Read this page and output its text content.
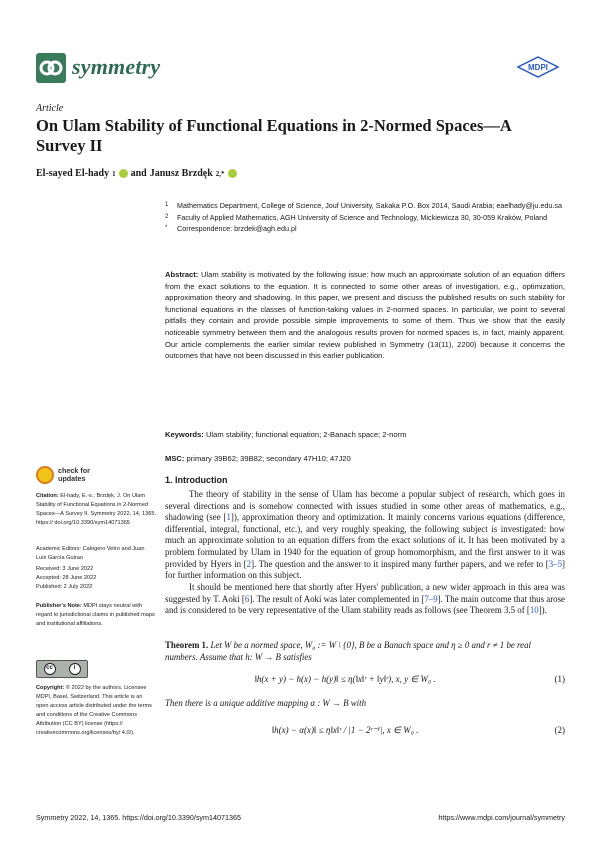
symmetry	MDPI
Article
On Ulam Stability of Functional Equations in 2-Normed Spaces—A Survey II
El-sayed El-hady 1 and Janusz Brzdęk 2,*
1 Mathematics Department, College of Science, Jouf University, Sakaka P.O. Box 2014, Saudi Arabia; eaelhady@ju.edu.sa
2 Faculty of Applied Mathematics, AGH University of Science and Technology, Mickiewicza 30, 30-059 Kraków, Poland
* Correspondence: brzdek@agh.edu.pl
Abstract: Ulam stability is motivated by the following issue: how much an approximate solution of an equation differs from the exact solutions to the equation. It is connected to some other areas of investigation, e.g., optimization, approximation theory and shadowing. In this paper, we present and discuss the published results on such stability for functional equations in the classes of function-taking values in 2-normed spaces. In particular, we point to several pitfalls they contain and provide possible simple improvements to some of them. Thus we show that the easily noticeable symmetry between them and the analogous results proven for normed spaces is, in fact, mainly apparent. Our article complements the earlier similar review published in Symmetry (13(11), 2200) because it concerns the outcomes that have not been discussed in this earlier publication.
Keywords: Ulam stability; functional equation; 2-Banach space; 2-norm
MSC: primary 39B62; 39B82; secondary 47H10; 47J20
check for updates
Citation: El-hady, E.-s.; Brzdęk, J. On Ulam Stability of Functional Equations in 2-Normed Spaces—A Survey II. Symmetry 2022, 14, 1365. https:// doi.org/10.3390/sym14071365
Academic Editors: Calogero Vetro and Juan Luis García Guirao
Received: 3 June 2022
Accepted: 28 June 2022
Published: 2 July 2022
Publisher's Note: MDPI stays neutral with regard to jurisdictional claims in published maps and institutional affiliations.
cc	i
Copyright: © 2022 by the authors. Licensee MDPI, Basel, Switzerland. This article is an open access article distributed under the terms and conditions of the Creative Commons Attribution (CC BY) license (https:// creativecommons.org/licenses/by/ 4.0/).
1. Introduction
The theory of stability in the sense of Ulam has become a popular subject of research, which goes in several directions and is somehow connected with issues studied in some other areas of mathematics, e.g., shadowing (see [1]), approximation theory and optimization. It mainly concerns various equations (difference, differential, integral, functional, etc.), and very roughly speaking, the following subject is investigated: how much an approximate solution to an equation differs from the exact solutions of it. It has been motivated by a problem formulated by Ulam in 1940 for the equation of group homomorphism, and the first answer to it was provided by Hyers in [2]. The question and the answer to it inspired many further papers, and we refer to [3–5] for further information on this subject.
It should be mentioned here that shortly after Hyers' publication, a new wider approach in this area was suggested by T. Aoki [6]. The result of Aoki was later complemented in [7–9]. The main outcome that thus arose and is considered to be very representative of the Ulam stability reads as follows (see Theorem 3.5 of [10]).
Theorem 1. Let W be a normed space, W₀ := W \ {0}, B be a Banach space and η ≥ 0 and r ≠ 1 be real numbers. Assume that h: W → B satisfies
‖h(x + y) − h(x) − h(y)‖ ≤ η(‖x‖ʳ + ‖y‖ʳ), x, y ∈ W₀ .	(1)
Then there is a unique additive mapping α : W → B with
‖h(x) − α(x)‖ ≤ η‖x‖ʳ / |1 − 2ʳ⁻¹|, x ∈ W₀ .	(2)
Symmetry 2022, 14, 1365. https://doi.org/10.3390/sym14071365	https://www.mdpi.com/journal/symmetry
